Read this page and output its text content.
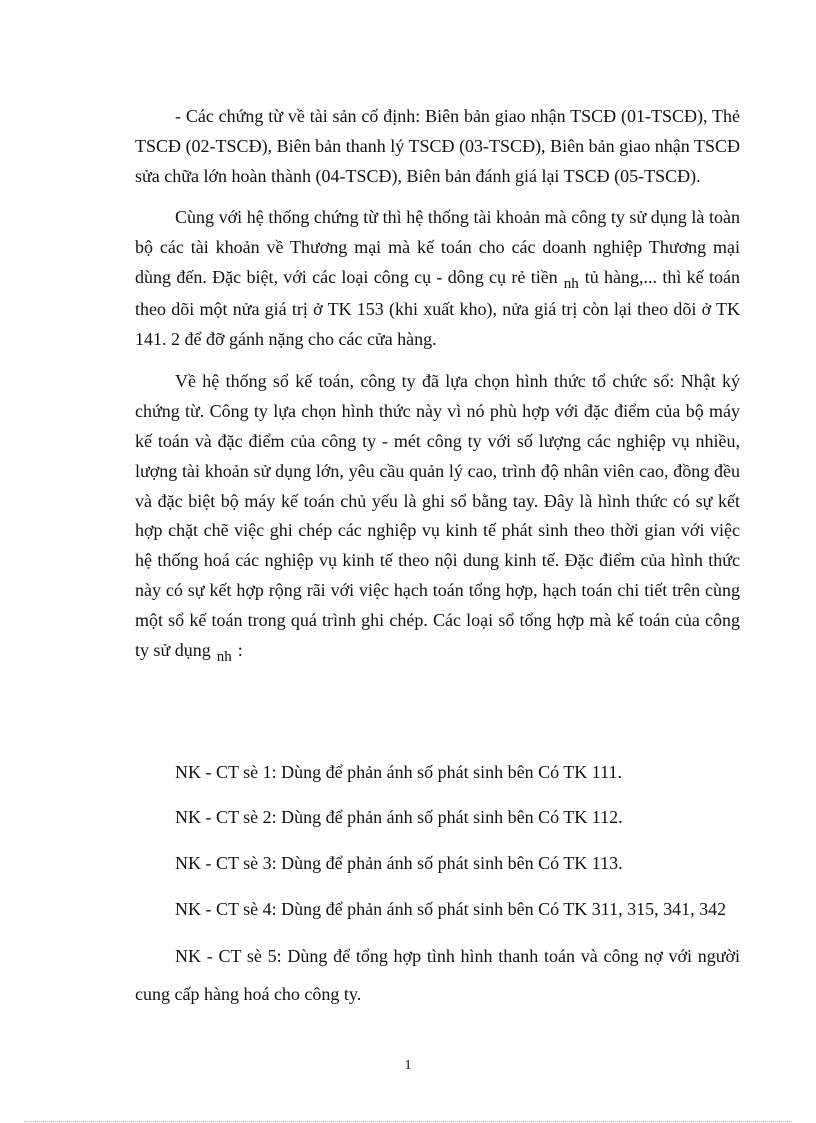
- Các chứng từ về tài sản cố định: Biên bản giao nhận TSCĐ (01-TSCĐ), Thẻ TSCĐ (02-TSCĐ), Biên bản thanh lý TSCĐ (03-TSCĐ), Biên bản giao nhận TSCĐ sửa chữa lớn hoàn thành (04-TSCĐ), Biên bản đánh giá lại TSCĐ (05-TSCĐ).

Cùng với hệ thống chứng từ thì hệ thống tài khoản mà công ty sử dụng là toàn bộ các tài khoản về Thương mại mà kế toán cho các doanh nghiệp Thương mại dùng đến. Đặc biệt, với các loại công cụ - dông cụ rẻ tiền $_{nh}$ tủ hàng,... thì kế toán theo dõi một nửa giá trị ở TK 153 (khi xuất kho), nửa giá trị còn lại theo dõi ở TK 141. 2 để đỡ gánh nặng cho các cửa hàng.

Về hệ thống sổ kế toán, công ty đã lựa chọn hình thức tổ chức sổ: Nhật ký chứng từ. Công ty lựa chọn hình thức này vì nó phù hợp với đặc điểm của bộ máy kế toán và đặc điểm của công ty - mét công ty với số lượng các nghiệp vụ nhiều, lượng tài khoản sử dụng lớn, yêu cầu quản lý cao, trình độ nhân viên cao, đồng đều và đặc biệt bộ máy kế toán chủ yếu là ghi sổ bằng tay. Đây là hình thức có sự kết hợp chặt chẽ việc ghi chép các nghiệp vụ kinh tế phát sinh theo thời gian với việc hệ thống hoá các nghiệp vụ kinh tế theo nội dung kinh tế. Đặc điểm của hình thức này có sự kết hợp rộng rãi với việc hạch toán tổng hợp, hạch toán chi tiết trên cùng một sổ kế toán trong quá trình ghi chép. Các loại sổ tổng hợp mà kế toán của công ty sử dụng $_{nh}$ :

NK - CT sè 1: Dùng để phản ánh số phát sinh bên Có TK 111.
NK - CT sè 2: Dùng để phản ánh số phát sinh bên Có TK 112.
NK - CT sè 3: Dùng để phản ánh số phát sinh bên Có TK 113.
NK - CT sè 4: Dùng để phản ánh số phát sinh bên Có TK 311, 315, 341, 342
NK - CT sè 5: Dùng để tổng hợp tình hình thanh toán và công nợ với người cung cấp hàng hoá cho công ty.
1
